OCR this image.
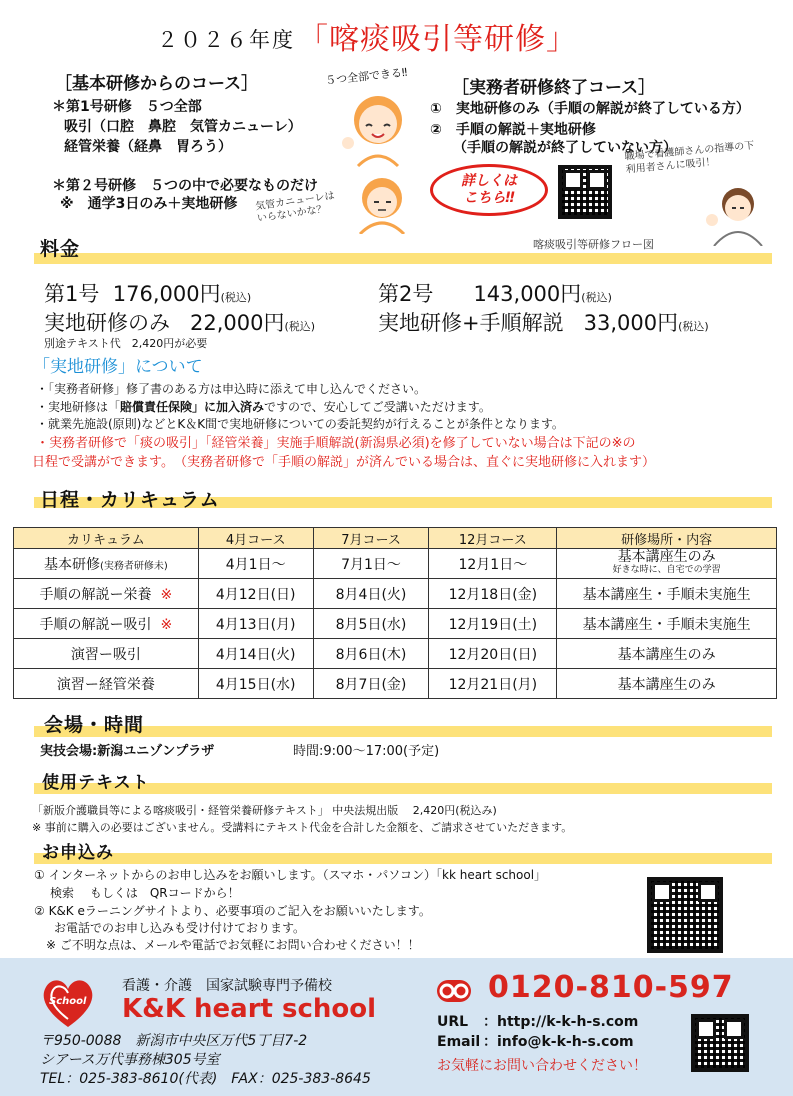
２０２６年度 「喀痰吸引等研修」
［基本研修からのコース］
＊第1号研修　５つ全部
吸引（口腔　鼻腔　気管カニューレ）
経管栄養（経鼻　胃ろう）
＊第２号研修　５つの中で必要なものだけ
※　通学3日のみ＋実地研修
５つ全部できる‼
気管カニューレは
いらないかな？
［実務者研修終了コース］
①　実地研修のみ（手順の解説が終了している方）
②　手順の解説＋実地研修
（手順の解説が終了していない方）
詳しくは
こちら‼
職場で看護師さんの指導の下
利用者さんに吸引！
喀痰吸引等研修フロー図
料金
第1号 176,000円(税込)	第2号 143,000円(税込)
実地研修のみ 22,000円(税込)	実地研修+手順解説 33,000円(税込)
別途テキスト代　2,420円が必要
「実地研修」について
・「実務者研修」修了書のある方は申込時に添えて申し込んでください。
・実地研修は「賠償責任保険」に加入済みですので、安心してご受講いただけます。
・就業先施設(原則)などとK＆K間で実地研修についての委託契約が行えることが条件となります。
・実務者研修で「痰の吸引」「経管栄養」実施手順解説(新潟県必須)を修了していない場合は下記の※の
日程で受講ができます。　（実務者研修で「手順の解説」が済んでいる場合は、直ぐに実地研修に入れます）
日程・カリキュラム
カリキュラム	4月コース	7月コース	12月コース	研修場所・内容
基本研修(実務者研修未)	4月1日～	7月1日～	12月1日～	基本講座生のみ
好きな時に、自宅での学習

手順の解説ー栄養 ※	4月12日(日)	8月4日(火)	12月18日(金)	基本講座生・手順未実施生
手順の解説ー吸引 ※	4月13日(月)	8月5日(水)	12月19日(土)	基本講座生・手順未実施生
演習ー吸引	4月14日(火)	8月6日(木)	12月20日(日)	基本講座生のみ
演習ー経管栄養	4月15日(水)	8月7日(金)	12月21日(月)	基本講座生のみ
会場・時間
実技会場:新潟ユニゾンプラザ	時間:9:00～17:00(予定)
使用テキスト
「新版介護職員等による喀痰吸引・経管栄養研修テキスト」 中央法規出版　 2,420円(税込み)
※ 事前に購入の必要はございません。受講料にテキスト代金を合計した金額を、ご請求させていただきます。
お申込み
① インターネットからのお申し込みをお願いします。（スマホ・パソコン）「kk heart school」
検索　 もしくは　QRコードから！
② K&K eラーニングサイトより、必要事項のご記入をお願いいたします。
お電話でのお申し込みも受け付けております。
※ ご不明な点は、メールや電話でお気軽にお問い合わせください！！
School
看護・介護　国家試験専門予備校
K&K heart school
〒950-0088　新潟市中央区万代5丁目7-2
シアース万代事務棟305号室
TEL：025-383-8610(代表)　FAX：025-383-8645
0120-810-597
URL ：http://k-k-h-s.com
Email ：info@k-k-h-s.com
お気軽にお問い合わせください！
